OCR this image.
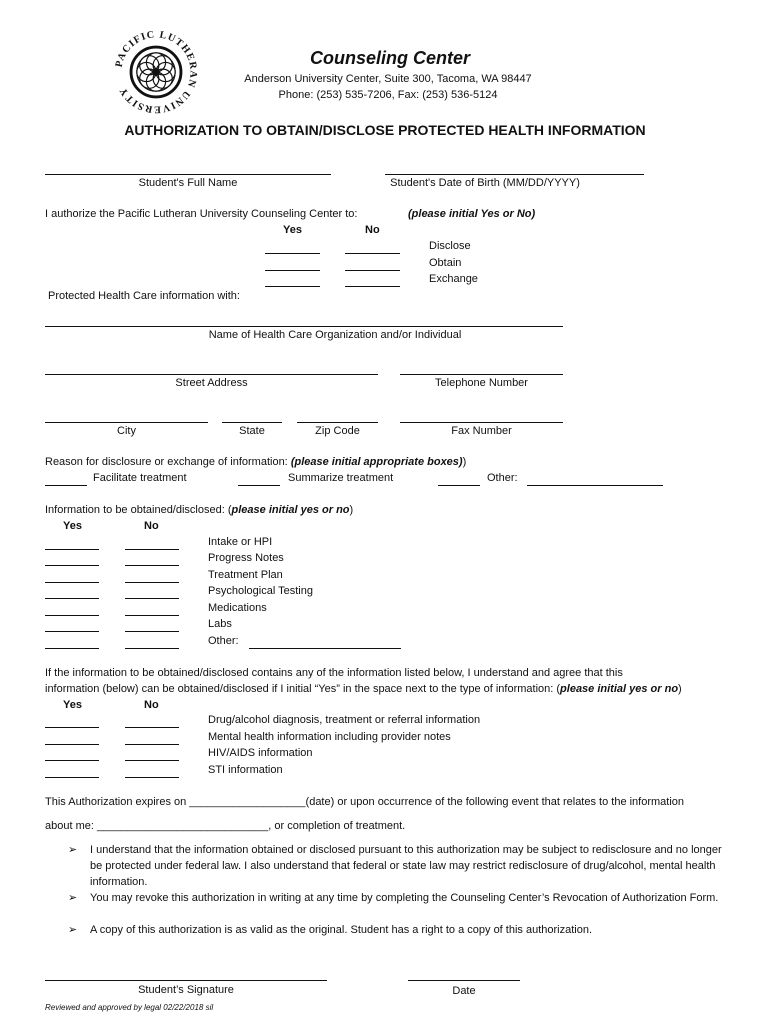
PACIFIC LUTHERAN UNIVERSITY
Counseling Center
Anderson University Center, Suite 300, Tacoma, WA 98447
Phone: (253) 535-7206, Fax: (253) 536-5124
AUTHORIZATION TO OBTAIN/DISCLOSE PROTECTED HEALTH INFORMATION
Student's Full Name	Student's Date of Birth (MM/DD/YYYY)
I authorize the Pacific Lutheran University Counseling Center to:	(please initial Yes or No)
Yes	No
Disclose
Obtain
Exchange
Protected Health Care information with:
Name of Health Care Organization and/or Individual
Street Address	Telephone Number
City	State	Zip Code	Fax Number
Reason for disclosure or exchange of information: (please initial appropriate boxes))
Facilitate treatment	Summarize treatment	Other:
Information to be obtained/disclosed: (please initial yes or no)
Yes	No
Intake or HPI
Progress Notes
Treatment Plan
Psychological Testing
Medications
Labs
Other:
If the information to be obtained/disclosed contains any of the information listed below, I understand and agree that this
information (below) can be obtained/disclosed if I initial “Yes” in the space next to the type of information: (please initial yes or no)
Yes	No
Drug/alcohol diagnosis, treatment or referral information
Mental health information including provider notes
HIV/AIDS information
STI information
This Authorization expires on ___________________(date) or upon occurrence of the following event that relates to the information
about me: ____________________________, or completion of treatment.
➢ I understand that the information obtained or disclosed pursuant to this authorization may be subject to redisclosure and no longer be protected under federal law. I also understand that federal or state law may restrict redisclosure of drug/alcohol, mental health information.
➢ You may revoke this authorization in writing at any time by completing the Counseling Center’s Revocation of Authorization Form.
➢ A copy of this authorization is as valid as the original. Student has a right to a copy of this authorization.
Student’s Signature	Date
Reviewed and approved by legal 02/22/2018 sil
